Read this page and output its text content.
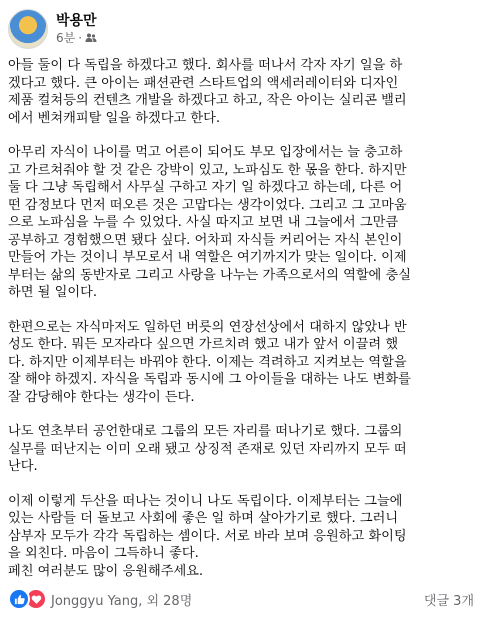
박용만
6분 ·

아들 둘이 다 독립을 하겠다고 했다. 회사를 떠나서 각자 자기 일을 하
겠다고 했다. 큰 아이는 패션관련 스타트업의 액세러레이터와 디자인
제품 컬쳐등의 컨텐츠 개발을 하겠다고 하고, 작은 아이는 실리콘 밸리
에서 벤쳐캐피탈 일을 하겠다고 한다.

아무리 자식이 나이를 먹고 어른이 되어도 부모 입장에서는 늘 충고하
고 가르쳐줘야 할 것 같은 강박이 있고, 노파심도 한 몫을 한다. 하지만
둘 다 그냥 독립해서 사무실 구하고 자기 일 하겠다고 하는데, 다른 어
떤 감정보다 먼저 떠오른 것은 고맙다는 생각이었다. 그리고 그 고마움
으로 노파심을 누를 수 있었다. 사실 따지고 보면 내 그늘에서 그만큼
공부하고 경험했으면 됐다 싶다. 어차피 자식들 커리어는 자식 본인이
만들어 가는 것이니 부모로서 내 역할은 여기까지가 맞는 일이다. 이제
부터는 삶의 동반자로 그리고 사랑을 나누는 가족으로서의 역할에 충실
하면 될 일이다.

한편으로는 자식마저도 일하던 버릇의 연장선상에서 대하지 않았나 반
성도 한다. 뭐든 모자라다 싶으면 가르치려 했고 내가 앞서 이끌려 했
다. 하지만 이제부터는 바꿔야 한다. 이제는 격려하고 지켜보는 역할을
잘 해야 하겠지. 자식을 독립과 동시에 그 아이들을 대하는 나도 변화를
잘 감당해야 한다는 생각이 든다.

나도 연초부터 공언한대로 그룹의 모든 자리를 떠나기로 했다. 그룹의
실무를 떠난지는 이미 오래 됐고 상징적 존재로 있던 자리까지 모두 떠
난다.

이제 이렇게 두산을 떠나는 것이니 나도 독립이다. 이제부터는 그늘에
있는 사람들 더 돌보고 사회에 좋은 일 하며 살아가기로 했다. 그러니
삼부자 모두가 각각 독립하는 셈이다. 서로 바라 보며 응원하고 화이팅
을 외친다. 마음이 그득하니 좋다.

페친 여러분도 많이 응원해주세요.

Jonggyu Yang, 외 28명	댓글 3개
